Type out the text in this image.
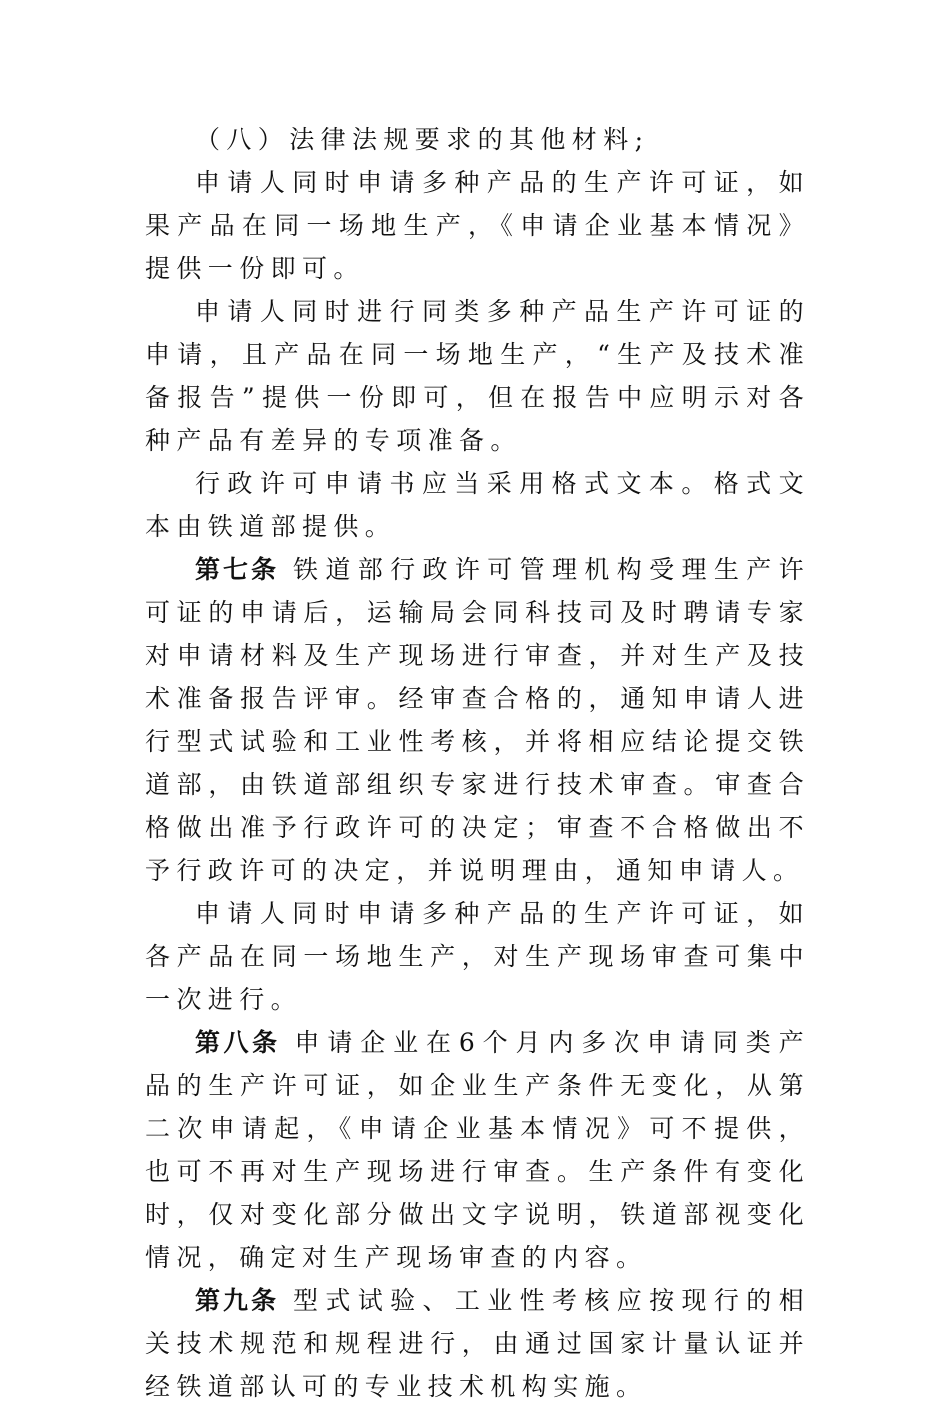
（八）法律法规要求的其他材料;

申请人同时申请多种产品的生产许可证，如果产品在同一场地生产，《申请企业基本情况》提供一份即可。

申请人同时进行同类多种产品生产许可证的申请，且产品在同一场地生产，“生产及技术准备报告”提供一份即可，但在报告中应明示对各种产品有差异的专项准备。

行政许可申请书应当采用格式文本。格式文本由铁道部提供。

第七条 铁道部行政许可管理机构受理生产许可证的申请后，运输局会同科技司及时聘请专家对申请材料及生产现场进行审查，并对生产及技术准备报告评审。经审查合格的，通知申请人进行型式试验和工业性考核，并将相应结论提交铁道部，由铁道部组织专家进行技术审查。审查合格做出准予行政许可的决定；审查不合格做出不予行政许可的决定，并说明理由，通知申请人。

申请人同时申请多种产品的生产许可证，如各产品在同一场地生产，对生产现场审查可集中一次进行。

第八条 申请企业在6个月内多次申请同类产品的生产许可证，如企业生产条件无变化，从第二次申请起，《申请企业基本情况》可不提供，也可不再对生产现场进行审查。生产条件有变化时，仅对变化部分做出文字说明，铁道部视变化情况，确定对生产现场审查的内容。

第九条 型式试验、工业性考核应按现行的相关技术规范和规程进行，由通过国家计量认证并经铁道部认可的专业技术机构实施。
